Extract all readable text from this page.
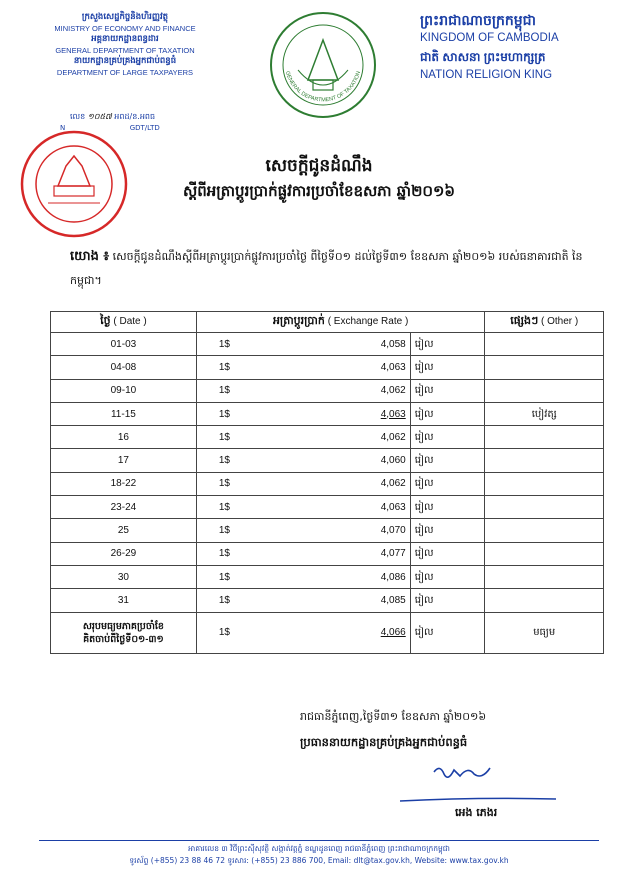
ក្រសួងសេដ្ឋកិច្ចនិងហិរញ្ញវត្ថុ
MINISTRY OF ECONOMY AND FINANCE
អគ្គនាយកដ្ឋានពន្ធដារ
GENERAL DEPARTMENT OF TAXATION
នាយកដ្ឋានគ្រប់គ្រងអ្នកជាប់ពន្ធធំ
DEPARTMENT OF LARGE TAXPAYERS
លេខ ១០៥៧ អពដ/ន.អពធ
N	GDT/LTD
GENERAL DEPARTMENT OF TAXATION
ព្រះរាជាណាចក្រកម្ពុជា
KINGDOM OF CAMBODIA
ជាតិ សាសនា ព្រះមហាក្សត្រ
NATION RELIGION KING
សេចក្ដីជូនដំណឹង
ស្ដីពីអត្រាប្ដូរប្រាក់ផ្លូវការប្រចាំខែឧសភា ឆ្នាំ២០១៦
យោង ៖ សេចក្ដីជូនដំណឹងស្ដីពីអត្រាប្ដូរប្រាក់ផ្លូវការប្រចាំថ្ងៃ ពីថ្ងៃទី០១ ដល់ថ្ងៃទី៣១ ខែឧសភា ឆ្នាំ២០១៦ របស់ធនាគារជាតិ នៃ កម្ពុជា។
ថ្ងៃ ( Date )	អត្រាប្ដូរប្រាក់ ( Exchange Rate )			ផ្សេងៗ ( Other )
01-03	1$	4,058	រៀល	
04-08	1$	4,063	រៀល	
09-10	1$	4,062	រៀល	
11-15	1$	4,063	រៀល	បៀវត្ស
16	1$	4,062	រៀល	
17	1$	4,060	រៀល	
18-22	1$	4,062	រៀល	
23-24	1$	4,063	រៀល	
25	1$	4,070	រៀល	
26-29	1$	4,077	រៀល	
30	1$	4,086	រៀល	
31	1$	4,085	រៀល	

សរុបមធ្យមភាគប្រចាំខែ
គិតចាប់ពីថ្ងៃទី០១-៣១	1$	4,066	រៀល	មធ្យម
រាជធានីភ្នំពេញ,ថ្ងៃទី៣១ ខែឧសភា ឆ្នាំ២០១៦
ប្រធាននាយកដ្ឋានគ្រប់គ្រងអ្នកជាប់ពន្ធធំ
អេង ភេងរ
អាគារលេខ ៣ វិថីព្រះស៊ីសុវត្ថិ សង្កាត់វត្តភ្នំ ខណ្ឌដូនពេញ រាជធានីភ្នំពេញ ព្រះរាជាណាចក្រកម្ពុជា
ទូរស័ព្ទ (+855) 23 88 46 72 ទូរសារ: (+855) 23 886 700, Email: dlt@tax.gov.kh, Website: www.tax.gov.kh
